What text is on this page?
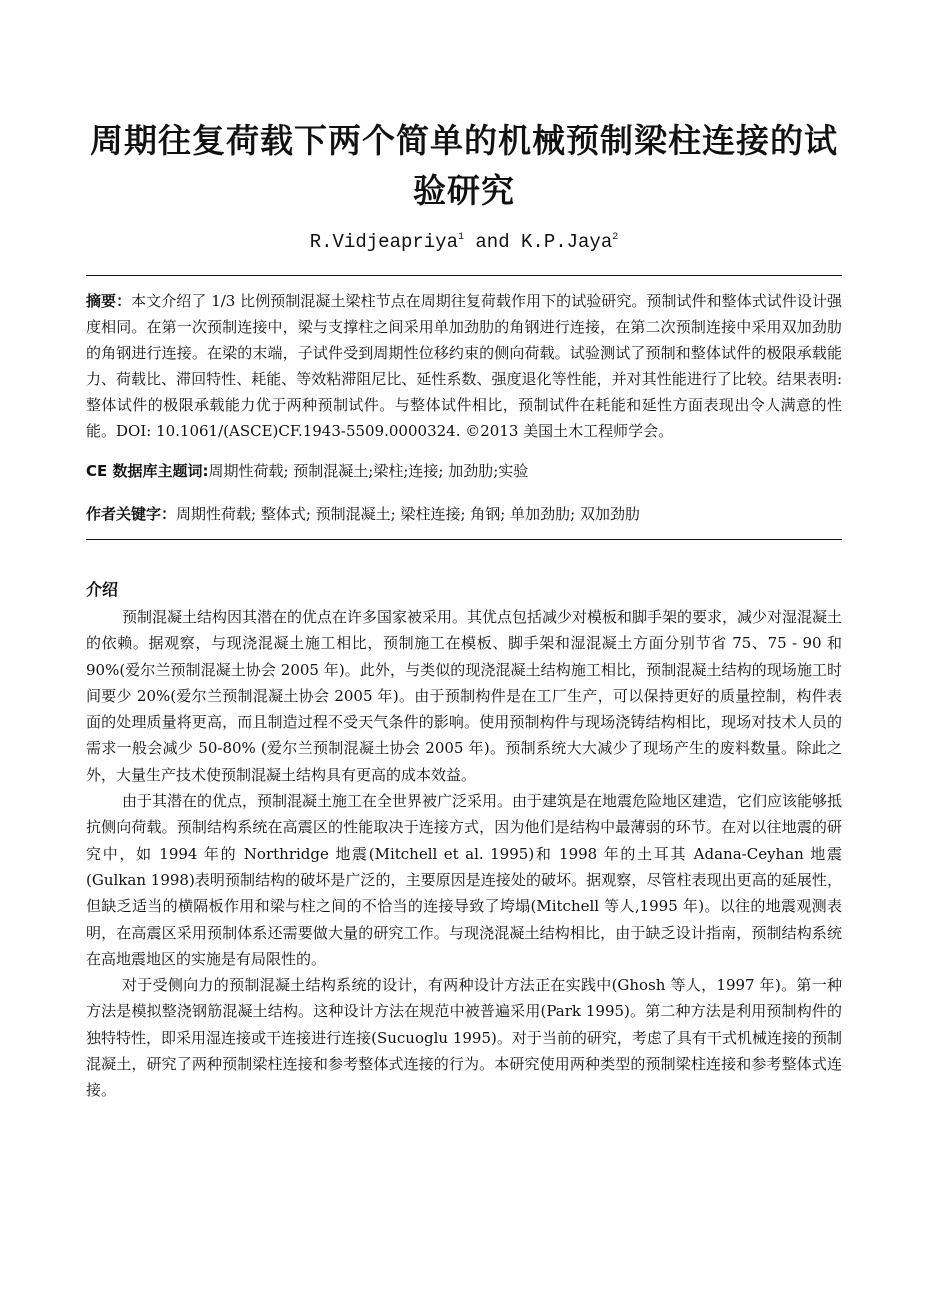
周期往复荷载下两个简单的机械预制梁柱连接的试验研究
R.Vidjeapriya$^1$ and K.P.Jaya$^2$
摘要：本文介绍了 1/3 比例预制混凝土梁柱节点在周期往复荷载作用下的试验研究。预制试件和整体式试件设计强度相同。在第一次预制连接中，梁与支撑柱之间采用单加劲肋的角钢进行连接，在第二次预制连接中采用双加劲肋的角钢进行连接。在梁的末端，子试件受到周期性位移约束的侧向荷载。试验测试了预制和整体试件的极限承载能力、荷载比、滞回特性、耗能、等效粘滞阻尼比、延性系数、强度退化等性能，并对其性能进行了比较。结果表明:整体试件的极限承载能力优于两种预制试件。与整体试件相比，预制试件在耗能和延性方面表现出令人满意的性能。DOI: 10.1061/(ASCE)CF.1943-5509.0000324. ©2013 美国土木工程师学会。
CE 数据库主题词:周期性荷载; 预制混凝土;梁柱;连接; 加劲肋;实验
作者关键字：周期性荷载; 整体式; 预制混凝土; 梁柱连接; 角钢; 单加劲肋; 双加劲肋
介绍

预制混凝土结构因其潜在的优点在许多国家被采用。其优点包括减少对模板和脚手架的要求，减少对湿混凝土的依赖。据观察，与现浇混凝土施工相比，预制施工在模板、脚手架和湿混凝土方面分别节省 75、75 - 90 和 90%(爱尔兰预制混凝土协会 2005 年)。此外，与类似的现浇混凝土结构施工相比，预制混凝土结构的现场施工时间要少 20%(爱尔兰预制混凝土协会 2005 年)。由于预制构件是在工厂生产，可以保持更好的质量控制，构件表面的处理质量将更高，而且制造过程不受天气条件的影响。使用预制构件与现场浇铸结构相比，现场对技术人员的需求一般会减少 50-80% (爱尔兰预制混凝土协会 2005 年)。预制系统大大减少了现场产生的废料数量。除此之外，大量生产技术使预制混凝土结构具有更高的成本效益。

由于其潜在的优点，预制混凝土施工在全世界被广泛采用。由于建筑是在地震危险地区建造，它们应该能够抵抗侧向荷载。预制结构系统在高震区的性能取决于连接方式，因为他们是结构中最薄弱的环节。在对以往地震的研究中，如 1994 年的 Northridge 地震(Mitchell et al. 1995)和 1998 年的土耳其 Adana-Ceyhan 地震(Gulkan 1998)表明预制结构的破坏是广泛的，主要原因是连接处的破坏。据观察，尽管柱表现出更高的延展性，但缺乏适当的横隔板作用和梁与柱之间的不恰当的连接导致了垮塌(Mitchell 等人,1995 年)。以往的地震观测表明，在高震区采用预制体系还需要做大量的研究工作。与现浇混凝土结构相比，由于缺乏设计指南，预制结构系统在高地震地区的实施是有局限性的。

对于受侧向力的预制混凝土结构系统的设计，有两种设计方法正在实践中(Ghosh 等人，1997 年)。第一种方法是模拟整浇钢筋混凝土结构。这种设计方法在规范中被普遍采用(Park 1995)。第二种方法是利用预制构件的独特特性，即采用湿连接或干连接进行连接(Sucuoglu 1995)。对于当前的研究，考虑了具有干式机械连接的预制混凝土，研究了两种预制梁柱连接和参考整体式连接的行为。本研究使用两种类型的预制梁柱连接和参考整体式连接。
